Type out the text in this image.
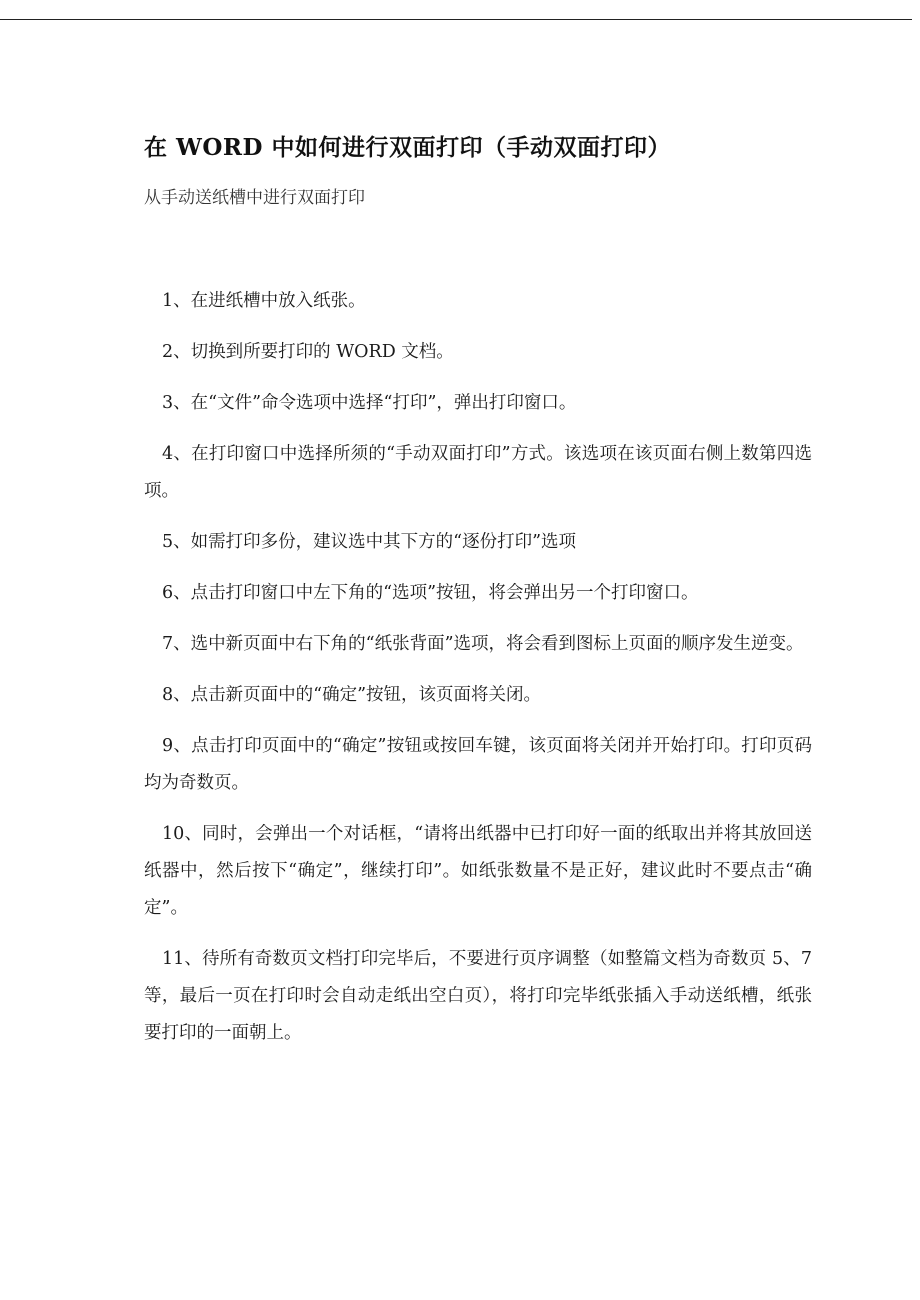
在 WORD 中如何进行双面打印（手动双面打印）

从手动送纸槽中进行双面打印

1、在进纸槽中放入纸张。
2、切换到所要打印的 WORD 文档。
3、在“文件”命令选项中选择“打印”，弹出打印窗口。
4、在打印窗口中选择所须的“手动双面打印”方式。该选项在该页面右侧上数第四选项。
5、如需打印多份，建议选中其下方的“逐份打印”选项
6、点击打印窗口中左下角的“选项”按钮，将会弹出另一个打印窗口。
7、选中新页面中右下角的“纸张背面”选项，将会看到图标上页面的顺序发生逆变。
8、点击新页面中的“确定”按钮，该页面将关闭。
9、点击打印页面中的“确定”按钮或按回车键，该页面将关闭并开始打印。打印页码均为奇数页。
10、同时，会弹出一个对话框，“请将出纸器中已打印好一面的纸取出并将其放回送纸器中，然后按下“确定”，继续打印”。如纸张数量不是正好，建议此时不要点击“确定”。
11、待所有奇数页文档打印完毕后，不要进行页序调整（如整篇文档为奇数页 5、7 等，最后一页在打印时会自动走纸出空白页），将打印完毕纸张插入手动送纸槽，纸张要打印的一面朝上。
